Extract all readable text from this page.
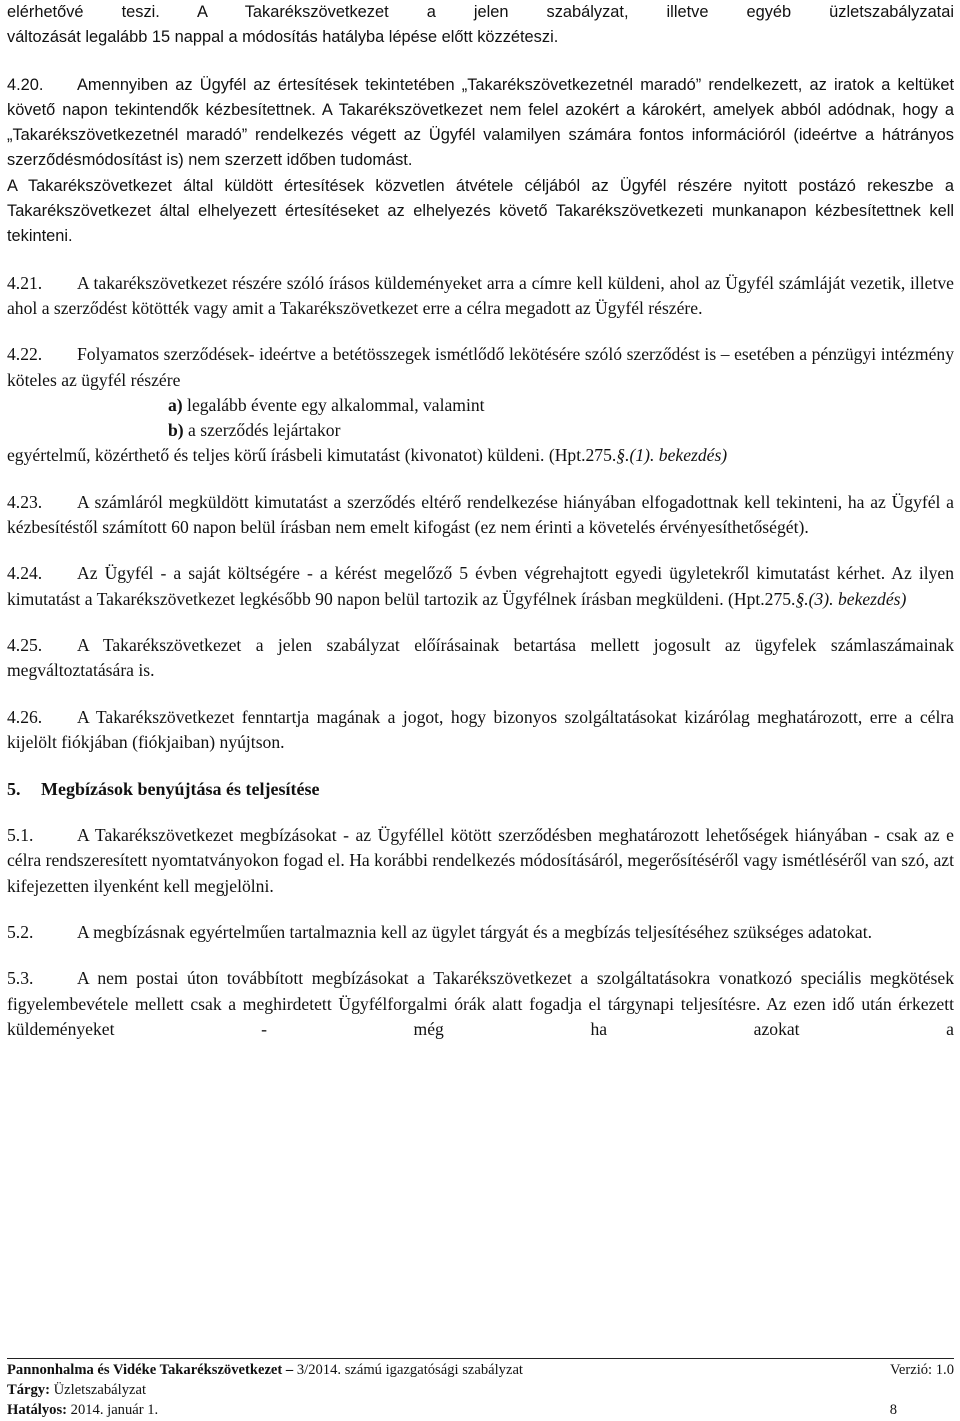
elérhetővé teszi. A Takarékszövetkezet a jelen szabályzat, illetve egyéb üzletszabályzatai

változását legalább 15 nappal a módosítás hatályba lépése előtt közzéteszi.

4.20. Amennyiben az Ügyfél az értesítések tekintetében „Takarékszövetkezetnél maradó” rendelkezett, az iratok a keltüket követő napon tekintendők kézbesítettnek. A Takarékszövetkezet nem felel azokért a károkért, amelyek abból adódnak, hogy a „Takarékszövetkezetnél maradó” rendelkezés végett az Ügyfél valamilyen számára fontos információról (ideértve a hátrányos szerződésmódosítást is) nem szerzett időben tudomást.

A Takarékszövetkezet által küldött értesítések közvetlen átvétele céljából az Ügyfél részére nyitott postázó rekeszbe a Takarékszövetkezet által elhelyezett értesítéseket az elhelyezés követő Takarékszövetkezeti munkanapon kézbesítettnek kell tekinteni.

4.21. A takarékszövetkezet részére szóló írásos küldeményeket arra a címre kell küldeni, ahol az Ügyfél számláját vezetik, illetve ahol a szerződést kötötték vagy amit a Takarékszövetkezet erre a célra megadott az Ügyfél részére.

4.22. Folyamatos szerződések- ideértve a betétösszegek ismétlődő lekötésére szóló szerződést is – esetében a pénzügyi intézmény köteles az ügyfél részére

a) legalább évente egy alkalommal, valamint

b) a szerződés lejártakor

egyértelmű, közérthető és teljes körű írásbeli kimutatást (kivonatot) küldeni. (Hpt.275.§.(1). bekezdés)

4.23. A számláról megküldött kimutatást a szerződés eltérő rendelkezése hiányában elfogadottnak kell tekinteni, ha az Ügyfél a kézbesítéstől számított 60 napon belül írásban nem emelt kifogást (ez nem érinti a követelés érvényesíthetőségét).

4.24. Az Ügyfél - a saját költségére - a kérést megelőző 5 évben végrehajtott egyedi ügyletekről kimutatást kérhet. Az ilyen kimutatást a Takarékszövetkezet legkésőbb 90 napon belül tartozik az Ügyfélnek írásban megküldeni. (Hpt.275.§.(3). bekezdés)

4.25. A Takarékszövetkezet a jelen szabályzat előírásainak betartása mellett jogosult az ügyfelek számlaszámainak megváltoztatására is.

4.26. A Takarékszövetkezet fenntartja magának a jogot, hogy bizonyos szolgáltatásokat kizárólag meghatározott, erre a célra kijelölt fiókjában (fiókjaiban) nyújtson.

5. Megbízások benyújtása és teljesítése

5.1. A Takarékszövetkezet megbízásokat - az Ügyféllel kötött szerződésben meghatározott lehetőségek hiányában - csak az e célra rendszeresített nyomtatványokon fogad el. Ha korábbi rendelkezés módosításáról, megerősítéséről vagy ismétléséről van szó, azt kifejezetten ilyenként kell megjelölni.

5.2. A megbízásnak egyértelműen tartalmaznia kell az ügylet tárgyát és a megbízás teljesítéséhez szükséges adatokat.

5.3. A nem postai úton továbbított megbízásokat a Takarékszövetkezet a szolgáltatásokra vonatkozó speciális megkötések figyelembevétele mellett csak a meghirdetett Ügyfélforgalmi órák alatt fogadja el tárgynapi teljesítésre. Az ezen idő után érkezett küldeményeket - még ha azokat a

Pannonhalma és Vidéke Takarékszövetkezet – 3/2014. számú igazgatósági szabályzat	Verzió: 1.0
Tárgy: Üzletszabályzat
Hatályos: 2014. január 1.	8
